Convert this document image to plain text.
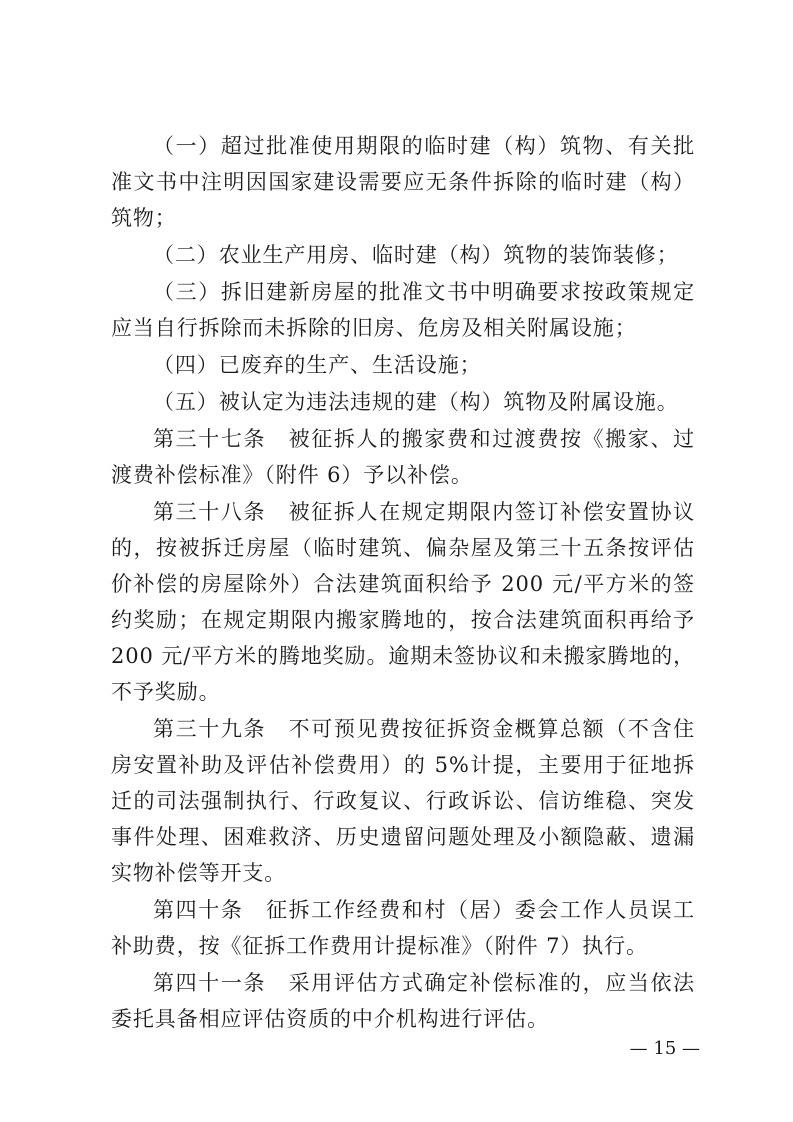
（一）超过批准使用期限的临时建（构）筑物、有关批准文书中注明因国家建设需要应无条件拆除的临时建（构）筑物；

（二）农业生产用房、临时建（构）筑物的装饰装修；

（三）拆旧建新房屋的批准文书中明确要求按政策规定应当自行拆除而未拆除的旧房、危房及相关附属设施；

（四）已废弃的生产、生活设施；

（五）被认定为违法违规的建（构）筑物及附属设施。

第三十七条　被征拆人的搬家费和过渡费按《搬家、过渡费补偿标准》（附件 6）予以补偿。

第三十八条　被征拆人在规定期限内签订补偿安置协议的，按被拆迁房屋（临时建筑、偏杂屋及第三十五条按评估价补偿的房屋除外）合法建筑面积给予 200 元/平方米的签约奖励；在规定期限内搬家腾地的，按合法建筑面积再给予 200 元/平方米的腾地奖励。逾期未签协议和未搬家腾地的，不予奖励。

第三十九条　不可预见费按征拆资金概算总额（不含住房安置补助及评估补偿费用）的 5%计提，主要用于征地拆迁的司法强制执行、行政复议、行政诉讼、信访维稳、突发事件处理、困难救济、历史遗留问题处理及小额隐蔽、遗漏实物补偿等开支。

第四十条　征拆工作经费和村（居）委会工作人员误工补助费，按《征拆工作费用计提标准》（附件 7）执行。

第四十一条　采用评估方式确定补偿标准的，应当依法委托具备相应评估资质的中介机构进行评估。

— 15 —
